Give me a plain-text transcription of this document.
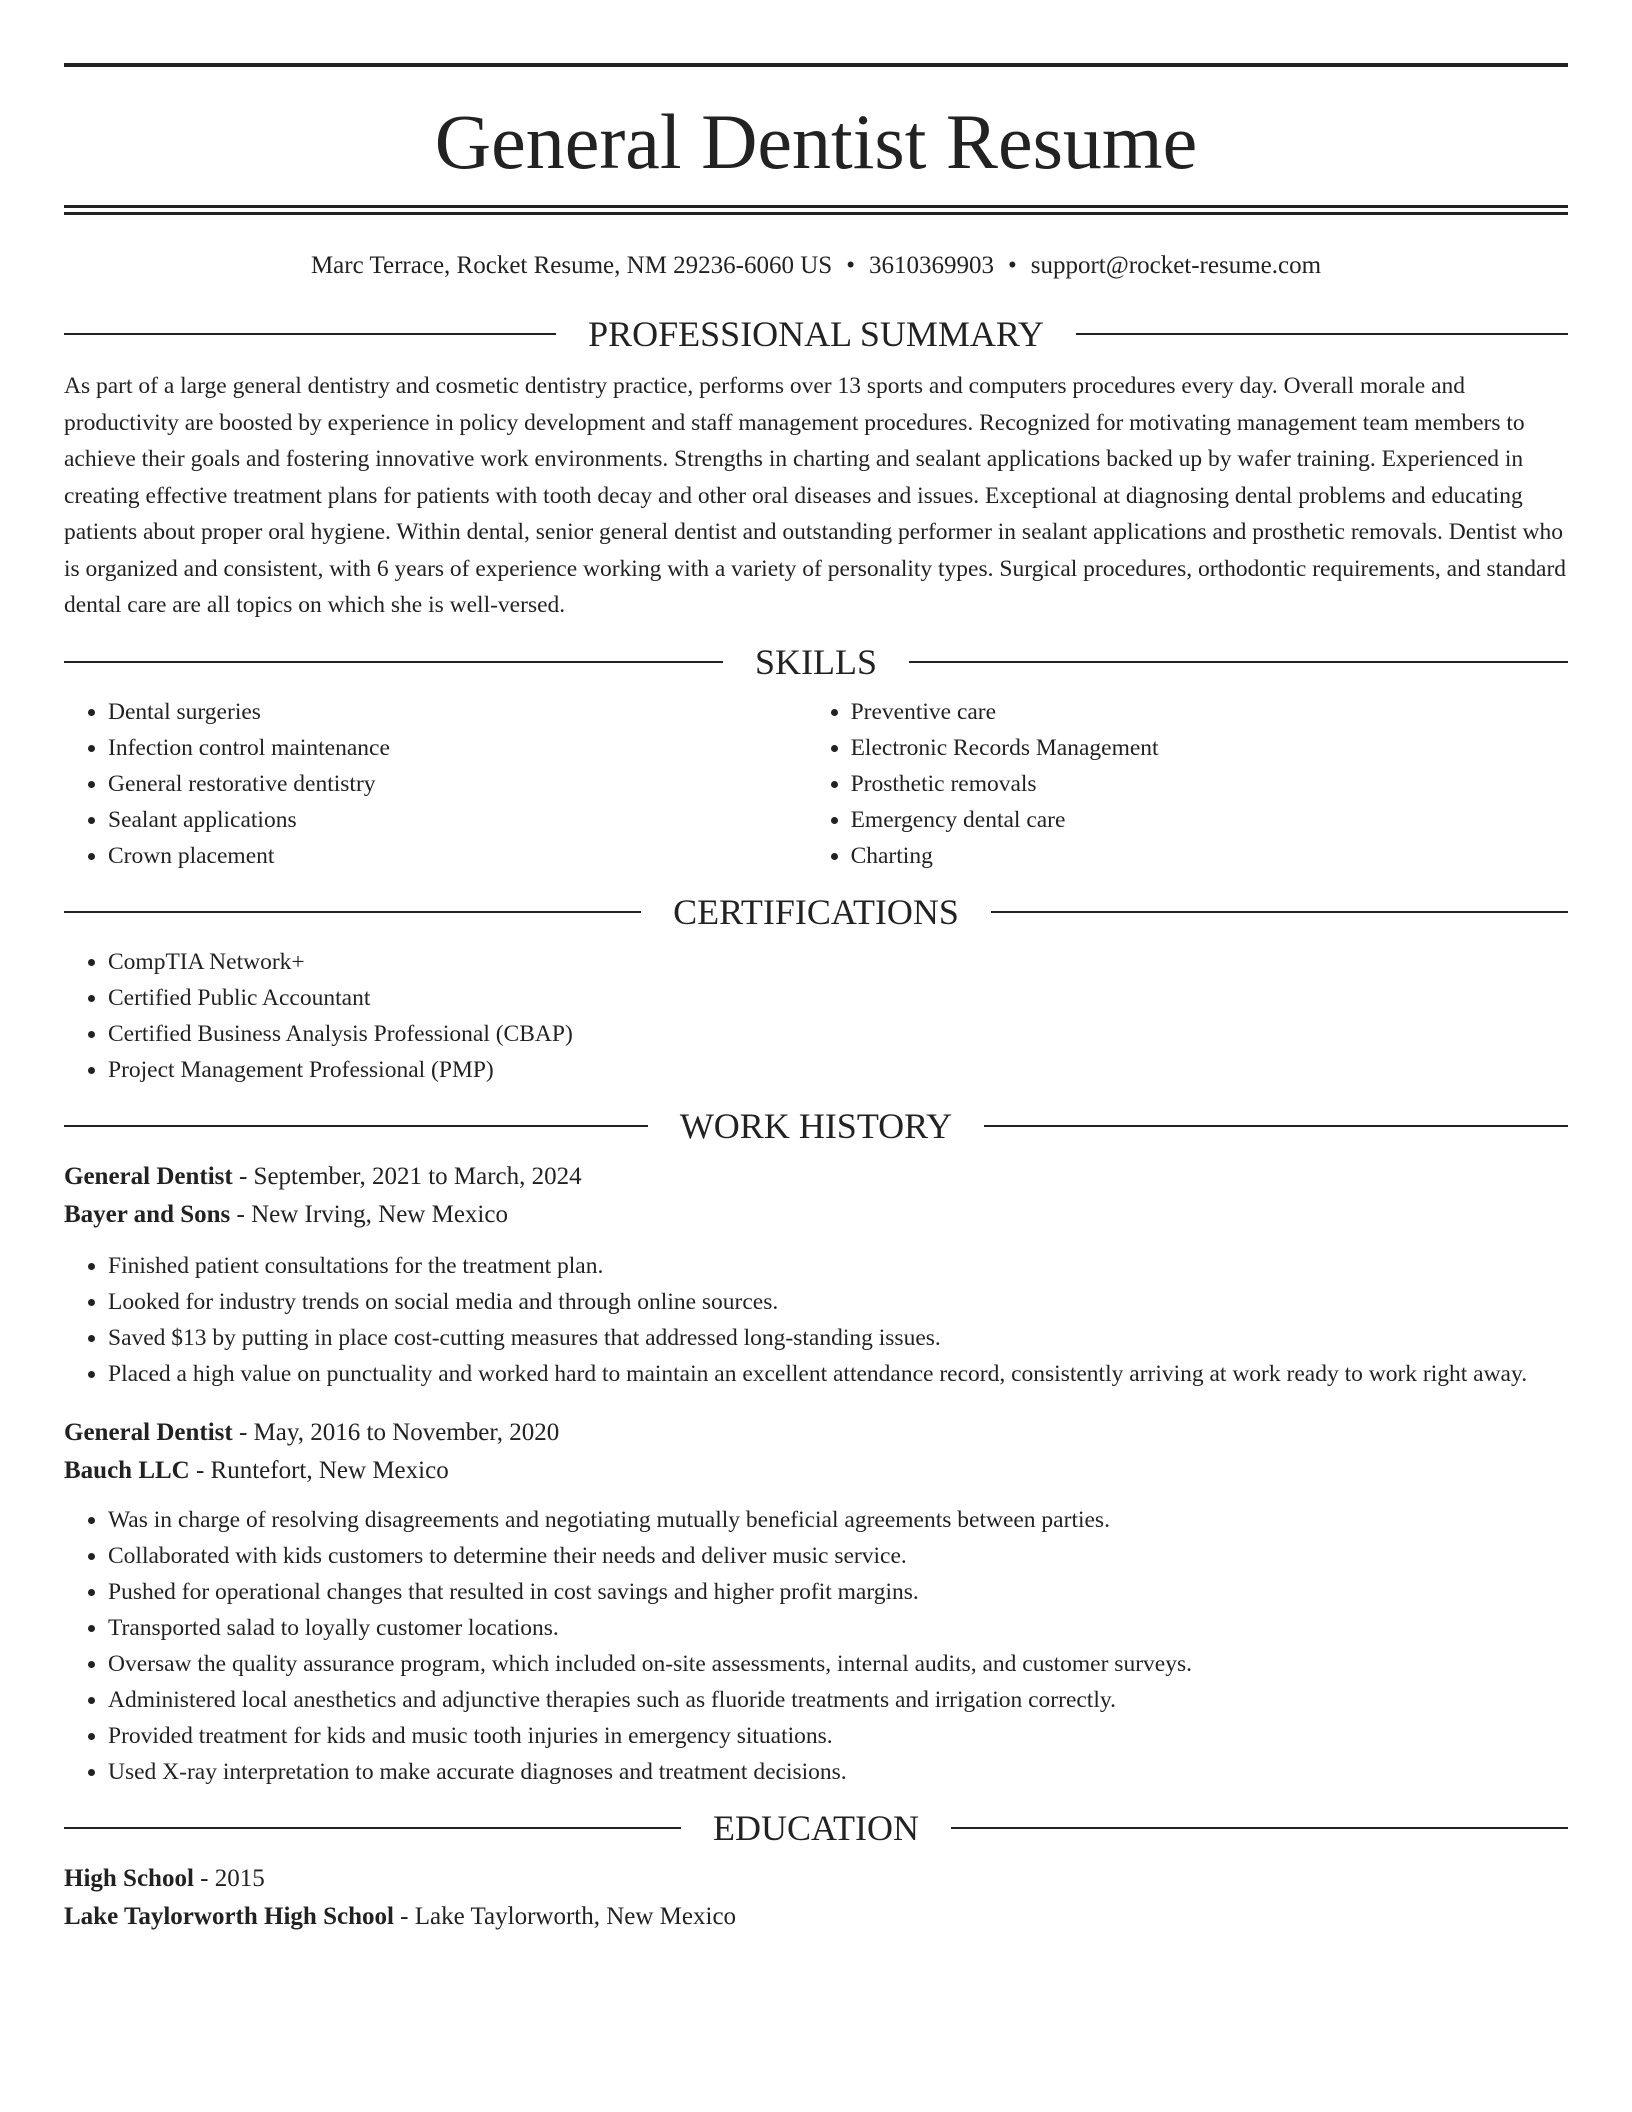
General Dentist Resume
Marc Terrace, Rocket Resume, NM 29236-6060 US • 3610369903 • support@rocket-resume.com
PROFESSIONAL SUMMARY

As part of a large general dentistry and cosmetic dentistry practice, performs over 13 sports and computers procedures every day. Overall morale and productivity are boosted by experience in policy development and staff management procedures. Recognized for motivating management team members to achieve their goals and fostering innovative work environments. Strengths in charting and sealant applications backed up by wafer training. Experienced in creating effective treatment plans for patients with tooth decay and other oral diseases and issues. Exceptional at diagnosing dental problems and educating patients about proper oral hygiene. Within dental, senior general dentist and outstanding performer in sealant applications and prosthetic removals. Dentist who is organized and consistent, with 6 years of experience working with a variety of personality types. Surgical procedures, orthodontic requirements, and standard dental care are all topics on which she is well-versed.

SKILLS
• Dental surgeries
• Infection control maintenance
• General restorative dentistry
• Sealant applications
• Crown placement
• Preventive care
• Electronic Records Management
• Prosthetic removals
• Emergency dental care
• Charting
CERTIFICATIONS
• CompTIA Network+
• Certified Public Accountant
• Certified Business Analysis Professional (CBAP)
• Project Management Professional (PMP)
WORK HISTORY
General Dentist - September, 2021 to March, 2024
Bayer and Sons - New Irving, New Mexico
• Finished patient consultations for the treatment plan.
• Looked for industry trends on social media and through online sources.
• Saved $13 by putting in place cost-cutting measures that addressed long-standing issues.
• Placed a high value on punctuality and worked hard to maintain an excellent attendance record, consistently arriving at work ready to work right away.
General Dentist - May, 2016 to November, 2020
Bauch LLC - Runtefort, New Mexico
• Was in charge of resolving disagreements and negotiating mutually beneficial agreements between parties.
• Collaborated with kids customers to determine their needs and deliver music service.
• Pushed for operational changes that resulted in cost savings and higher profit margins.
• Transported salad to loyally customer locations.
• Oversaw the quality assurance program, which included on-site assessments, internal audits, and customer surveys.
• Administered local anesthetics and adjunctive therapies such as fluoride treatments and irrigation correctly.
• Provided treatment for kids and music tooth injuries in emergency situations.
• Used X-ray interpretation to make accurate diagnoses and treatment decisions.
EDUCATION
High School - 2015
Lake Taylorworth High School - Lake Taylorworth, New Mexico
